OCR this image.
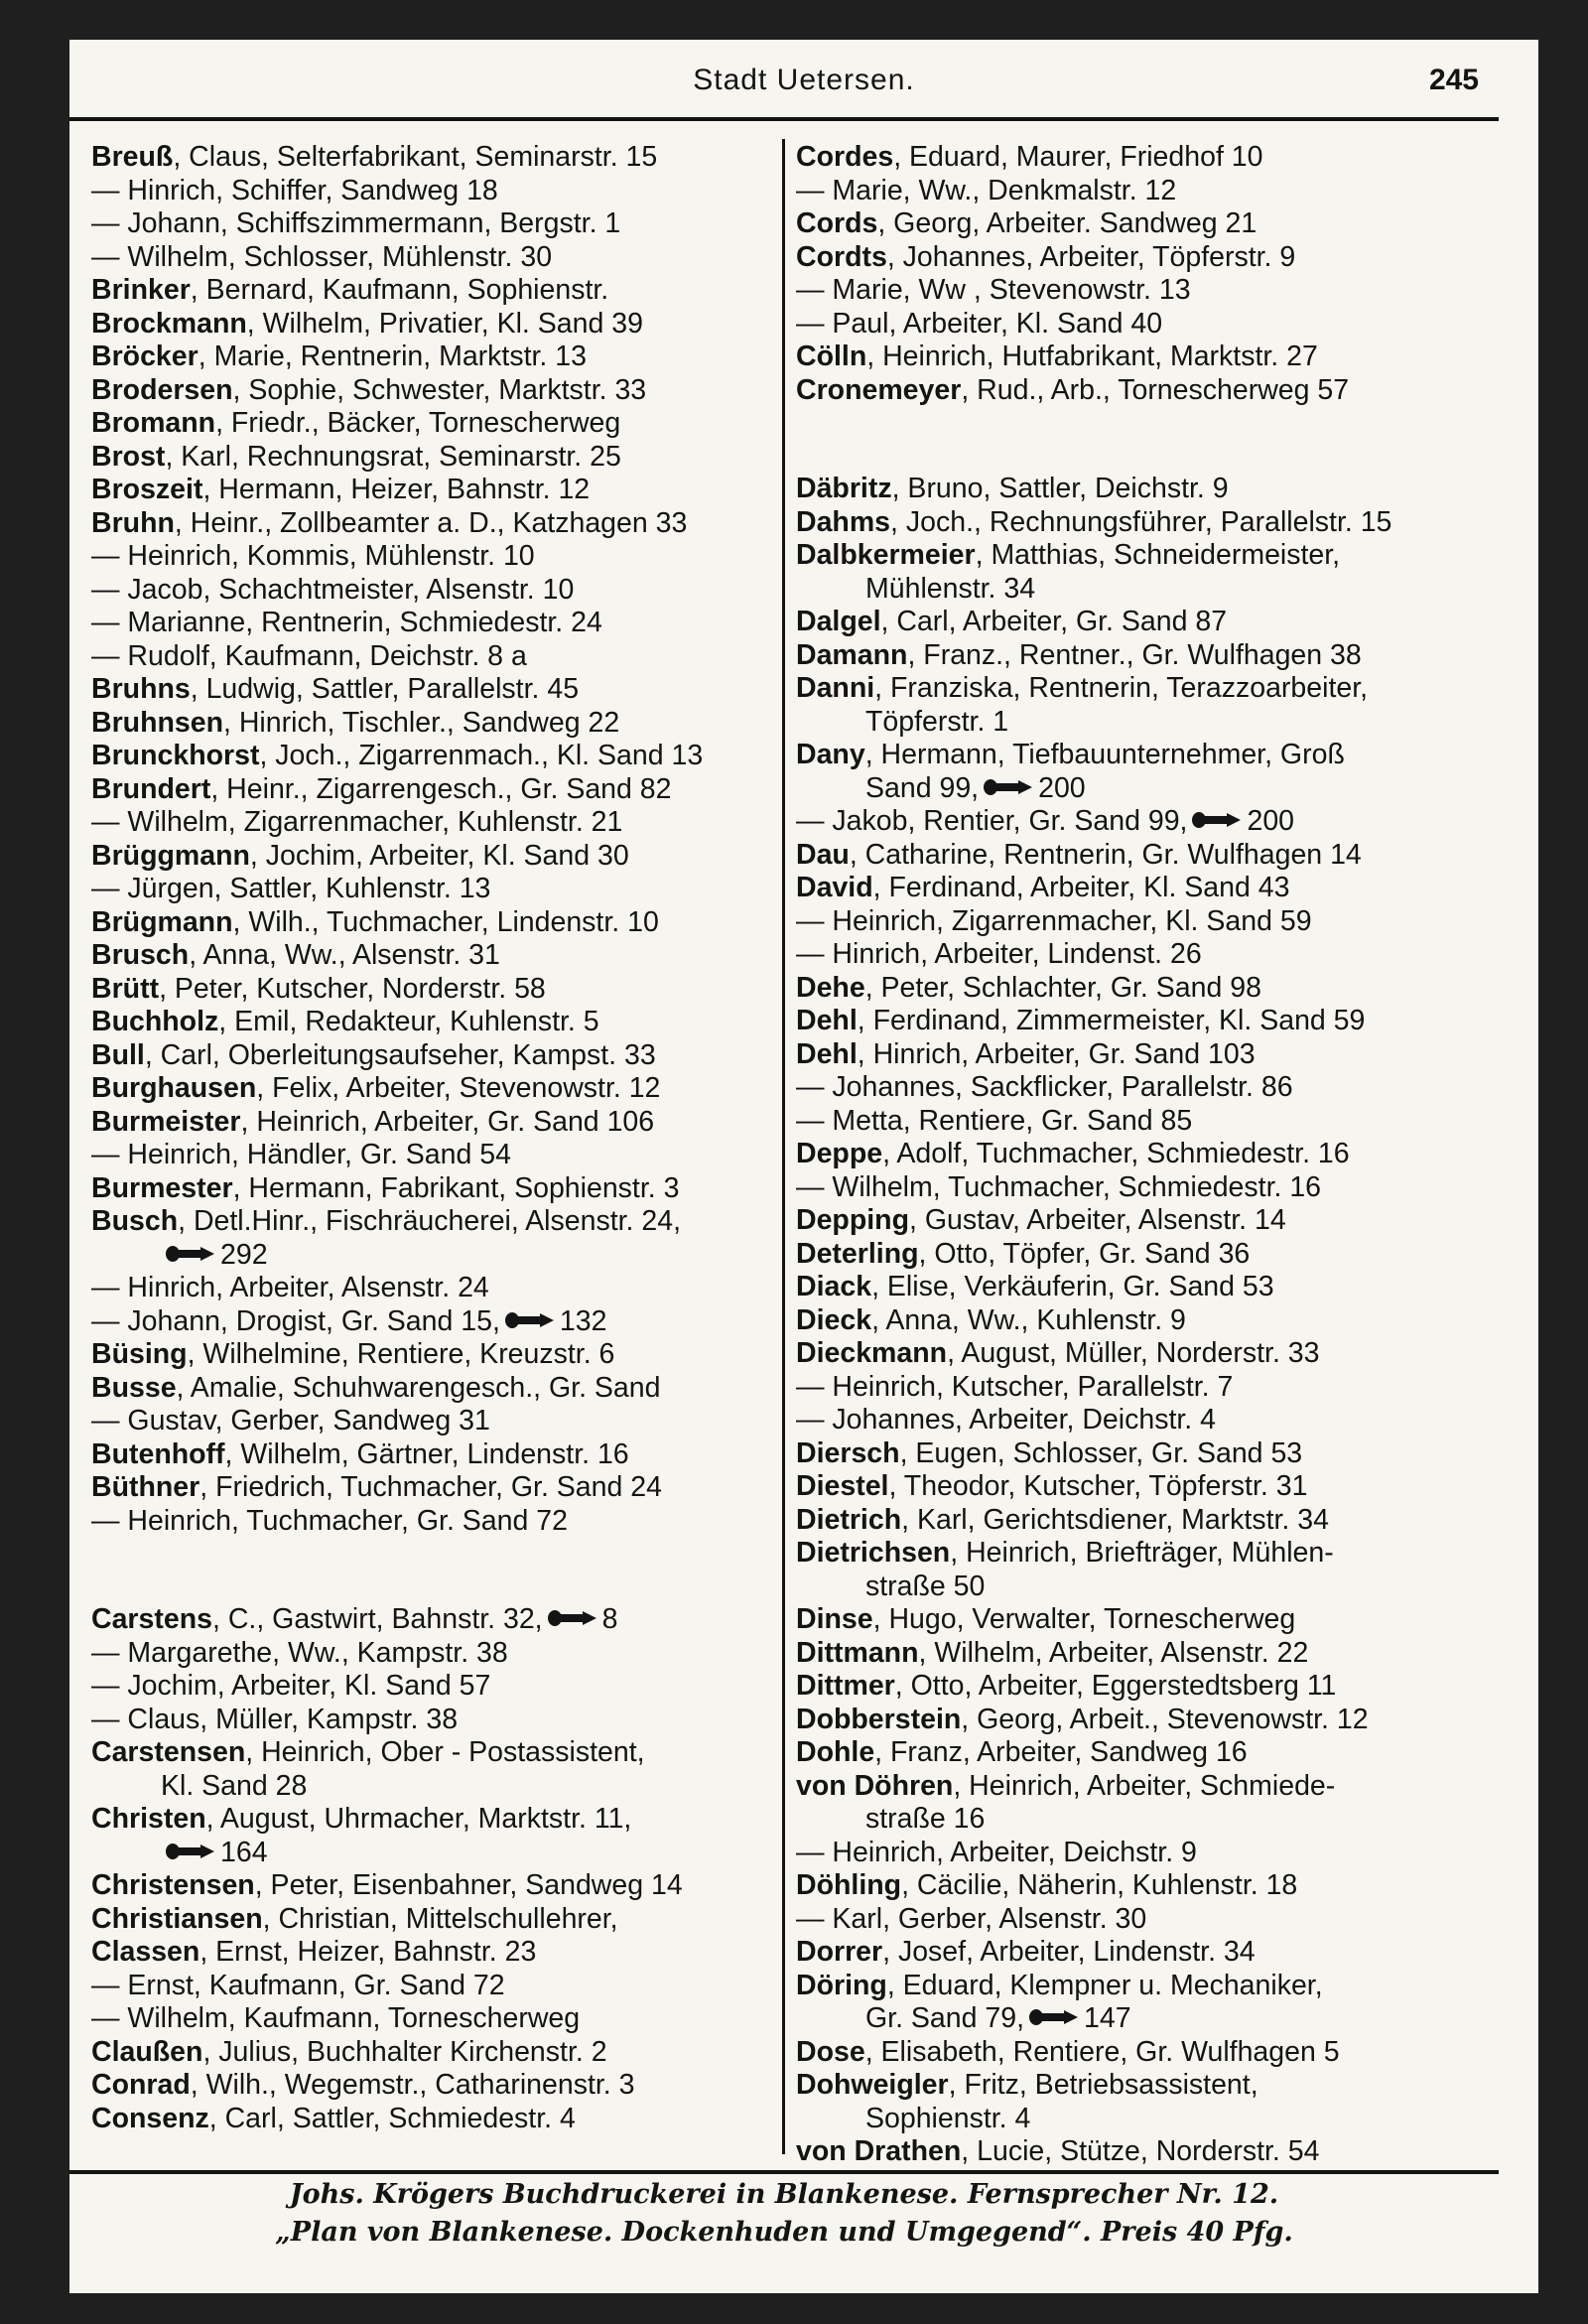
Stadt Uetersen.	245
Breuß, Claus, Selterfabrikant, Seminarstr. 15
— Hinrich, Schiffer, Sandweg 18
— Johann, Schiffszimmermann, Bergstr. 1
— Wilhelm, Schlosser, Mühlenstr. 30
Brinker, Bernard, Kaufmann, Sophienstr.
Brockmann, Wilhelm, Privatier, Kl. Sand 39
Bröcker, Marie, Rentnerin, Marktstr. 13
Brodersen, Sophie, Schwester, Marktstr. 33
Bromann, Friedr., Bäcker, Tornescherweg
Brost, Karl, Rechnungsrat, Seminarstr. 25
Broszeit, Hermann, Heizer, Bahnstr. 12
Bruhn, Heinr., Zollbeamter a. D., Katzhagen 33
— Heinrich, Kommis, Mühlenstr. 10
— Jacob, Schachtmeister, Alsenstr. 10
— Marianne, Rentnerin, Schmiedestr. 24
— Rudolf, Kaufmann, Deichstr. 8 a
Bruhns, Ludwig, Sattler, Parallelstr. 45
Bruhnsen, Hinrich, Tischler., Sandweg 22
Brunckhorst, Joch., Zigarrenmach., Kl. Sand 13
Brundert, Heinr., Zigarrengesch., Gr. Sand 82
— Wilhelm, Zigarrenmacher, Kuhlenstr. 21
Brüggmann, Jochim, Arbeiter, Kl. Sand 30
— Jürgen, Sattler, Kuhlenstr. 13
Brügmann, Wilh., Tuchmacher, Lindenstr. 10
Brusch, Anna, Ww., Alsenstr. 31
Brütt, Peter, Kutscher, Norderstr. 58
Buchholz, Emil, Redakteur, Kuhlenstr. 5
Bull, Carl, Oberleitungsaufseher, Kampst. 33
Burghausen, Felix, Arbeiter, Stevenowstr. 12
Burmeister, Heinrich, Arbeiter, Gr. Sand 106
— Heinrich, Händler, Gr. Sand 54
Burmester, Hermann, Fabrikant, Sophienstr. 3
Busch, Detl.Hinr., Fischräucherei, Alsenstr. 24,
292
— Hinrich, Arbeiter, Alsenstr. 24
— Johann, Drogist, Gr. Sand 15, 132
Büsing, Wilhelmine, Rentiere, Kreuzstr. 6
Busse, Amalie, Schuhwarengesch., Gr. Sand
— Gustav, Gerber, Sandweg 31
Butenhoff, Wilhelm, Gärtner, Lindenstr. 16
Büthner, Friedrich, Tuchmacher, Gr. Sand 24
— Heinrich, Tuchmacher, Gr. Sand 72
Carstens, C., Gastwirt, Bahnstr. 32, 8
— Margarethe, Ww., Kampstr. 38
— Jochim, Arbeiter, Kl. Sand 57
— Claus, Müller, Kampstr. 38
Carstensen, Heinrich, Ober - Postassistent,
Kl. Sand 28
Christen, August, Uhrmacher, Marktstr. 11,
164
Christensen, Peter, Eisenbahner, Sandweg 14
Christiansen, Christian, Mittelschullehrer,
Classen, Ernst, Heizer, Bahnstr. 23
— Ernst, Kaufmann, Gr. Sand 72
— Wilhelm, Kaufmann, Tornescherweg
Claußen, Julius, Buchhalter Kirchenstr. 2
Conrad, Wilh., Wegemstr., Catharinenstr. 3
Consenz, Carl, Sattler, Schmiedestr. 4
Cordes, Eduard, Maurer, Friedhof 10
— Marie, Ww., Denkmalstr. 12
Cords, Georg, Arbeiter. Sandweg 21
Cordts, Johannes, Arbeiter, Töpferstr. 9
— Marie, Ww , Stevenowstr. 13
— Paul, Arbeiter, Kl. Sand 40
Cölln, Heinrich, Hutfabrikant, Marktstr. 27
Cronemeyer, Rud., Arb., Tornescherweg 57
Däbritz, Bruno, Sattler, Deichstr. 9
Dahms, Joch., Rechnungsführer, Parallelstr. 15
Dalbkermeier, Matthias, Schneidermeister,
Mühlenstr. 34
Dalgel, Carl, Arbeiter, Gr. Sand 87
Damann, Franz., Rentner., Gr. Wulfhagen 38
Danni, Franziska, Rentnerin, Terazzoarbeiter,
Töpferstr. 1
Dany, Hermann, Tiefbauunternehmer, Groß
Sand 99, 200
— Jakob, Rentier, Gr. Sand 99, 200
Dau, Catharine, Rentnerin, Gr. Wulfhagen 14
David, Ferdinand, Arbeiter, Kl. Sand 43
— Heinrich, Zigarrenmacher, Kl. Sand 59
— Hinrich, Arbeiter, Lindenst. 26
Dehe, Peter, Schlachter, Gr. Sand 98
Dehl, Ferdinand, Zimmermeister, Kl. Sand 59
Dehl, Hinrich, Arbeiter, Gr. Sand 103
— Johannes, Sackflicker, Parallelstr. 86
— Metta, Rentiere, Gr. Sand 85
Deppe, Adolf, Tuchmacher, Schmiedestr. 16
— Wilhelm, Tuchmacher, Schmiedestr. 16
Depping, Gustav, Arbeiter, Alsenstr. 14
Deterling, Otto, Töpfer, Gr. Sand 36
Diack, Elise, Verkäuferin, Gr. Sand 53
Dieck, Anna, Ww., Kuhlenstr. 9
Dieckmann, August, Müller, Norderstr. 33
— Heinrich, Kutscher, Parallelstr. 7
— Johannes, Arbeiter, Deichstr. 4
Diersch, Eugen, Schlosser, Gr. Sand 53
Diestel, Theodor, Kutscher, Töpferstr. 31
Dietrich, Karl, Gerichtsdiener, Marktstr. 34
Dietrichsen, Heinrich, Briefträger, Mühlen-
straße 50
Dinse, Hugo, Verwalter, Tornescherweg
Dittmann, Wilhelm, Arbeiter, Alsenstr. 22
Dittmer, Otto, Arbeiter, Eggerstedtsberg 11
Dobberstein, Georg, Arbeit., Stevenowstr. 12
Dohle, Franz, Arbeiter, Sandweg 16
von Döhren, Heinrich, Arbeiter, Schmiede-
straße 16
— Heinrich, Arbeiter, Deichstr. 9
Döhling, Cäcilie, Näherin, Kuhlenstr. 18
— Karl, Gerber, Alsenstr. 30
Dorrer, Josef, Arbeiter, Lindenstr. 34
Döring, Eduard, Klempner u. Mechaniker,
Gr. Sand 79, 147
Dose, Elisabeth, Rentiere, Gr. Wulfhagen 5
Dohweigler, Fritz, Betriebsassistent,
Sophienstr. 4
von Drathen, Lucie, Stütze, Norderstr. 54
Johs. Krögers Buchdruckerei in Blankenese. Fernsprecher Nr. 12.
„Plan von Blankenese. Dockenhuden und Umgegend“. Preis 40 Pfg.
